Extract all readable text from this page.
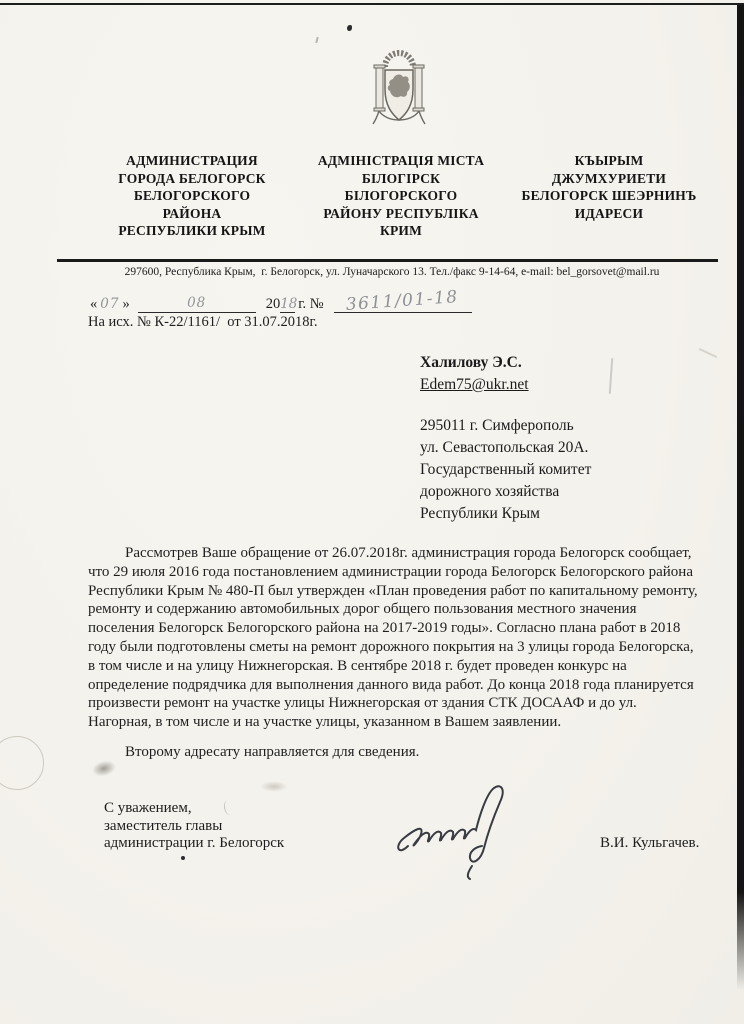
АДМИНИСТРАЦИЯ
ГОРОДА БЕЛОГОРСК
БЕЛОГОРСКОГО
РАЙОНА
РЕСПУБЛИКИ КРЫМ
АДМІНІСТРАЦІЯ МІСТА
БІЛОГІРСК
БІЛОГОРСКОГО
РАЙОНУ РЕСПУБЛІКА
КРИМ
КЪЫРЫМ
ДЖУМХУРИЕТИ
БЕЛОГОРСК ШЕЭРНИНЪ
ИДАРЕСИ
297600, Республика Крым,  г. Белогорск, ул. Луначарского 13. Тел./факс 9-14-64, e-mail: bel_gorsovet@mail.ru
« 07 »	08	2018г. № 3611/01-18
На исх. № К-22/1161/  от 31.07.2018г.
Халилову Э.С.
Edem75@ukr.net
295011 г. Симферополь
ул. Севастопольская 20А.
Государственный комитет
дорожного хозяйства
Республики Крым

Рассмотрев Ваше обращение от 26.07.2018г. администрация города Белогорск сообщает, что 29 июля 2016 года постановлением администрации города Белогорск Белогорского района Республики Крым № 480-П был утвержден «План проведения работ по капитальному ремонту, ремонту и содержанию автомобильных дорог общего пользования местного значения поселения Белогорск Белогорского района на 2017-2019 годы». Согласно плана работ в 2018 году были подготовлены сметы на ремонт дорожного покрытия на 3 улицы города Белогорска, в том числе и на улицу Нижнегорская. В сентябре 2018 г. будет проведен конкурс на определение подрядчика для выполнения данного вида работ. До конца 2018 года планируется произвести ремонт на участке улицы Нижнегорская от здания СТК ДОСААФ и до ул. Нагорная, в том числе и на участке улицы, указанном в Вашем заявлении.

Второму адресату направляется для сведения.

С уважением,
заместитель главы
администрации г. Белогорск	В.И. Кульгачев.
